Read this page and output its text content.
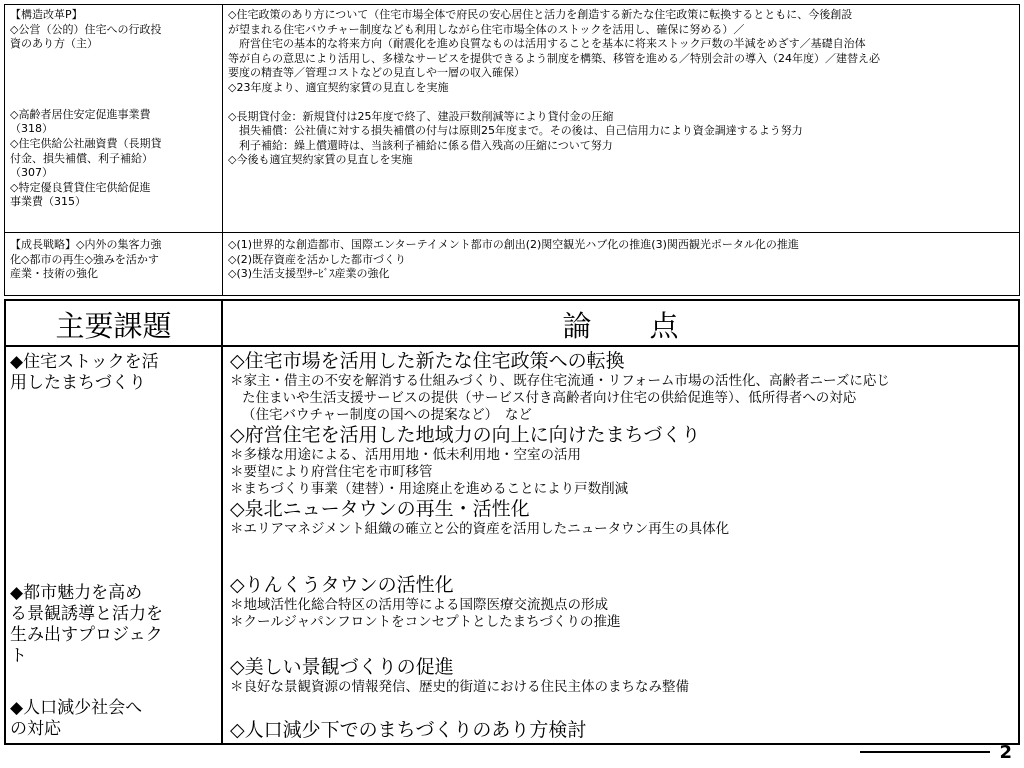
【構造改革P】

◇公営（公的）住宅への行政投

資のあり方（主）

◇高齢者居住安定促進事業費

（318）

◇住宅供給公社融資費（長期貸

付金、損失補償、利子補給）

（307）

◇特定優良賃貸住宅供給促進

事業費（315）

◇住宅政策のあり方について（住宅市場全体で府民の安心居住と活力を創造する新たな住宅政策に転換するとともに、今後創設

が望まれる住宅バウチャー制度なども利用しながら住宅市場全体のストックを活用し、確保に努める）／

　府営住宅の基本的な将来方向（耐震化を進め良質なものは活用することを基本に将来ストック戸数の半減をめざす／基礎自治体

等が自らの意思により活用し、多様なサービスを提供できるよう制度を構築、移管を進める／特別会計の導入（24年度）／建替え必

要度の精査等／管理コストなどの見直しや一層の収入確保）

◇23年度より、適宜契約家賃の見直しを実施

◇長期貸付金：新規貸付は25年度で終了、建設戸数削減等により貸付金の圧縮

　損失補償：公社債に対する損失補償の付与は原則25年度まで。その後は、自己信用力により資金調達するよう努力

　利子補給：繰上償還時は、当該利子補給に係る借入残高の圧縮について努力

◇今後も適宜契約家賃の見直しを実施

【成長戦略】◇内外の集客力強

化◇都市の再生◇強みを活かす

産業・技術の強化

◇(1)世界的な創造都市、国際エンターテイメント都市の創出(2)関空観光ハブ化の推進(3)関西観光ポータル化の推進

◇(2)既存資産を活かした都市づくり

◇(3)生活支援型ｻｰﾋﾞｽ産業の強化

主要課題	論　　点
◆住宅ストックを活
用したまちづくり
◆都市魅力を高め
る景観誘導と活力を
生み出すプロジェク
ト
◆人口減少社会へ
の対応

◇住宅市場を活用した新たな住宅政策への転換

＊家主・借主の不安を解消する仕組みづくり、既存住宅流通・リフォーム市場の活性化、高齢者ニーズに応じ

た住まいや生活支援サービスの提供（サービス付き高齢者向け住宅の供給促進等）、低所得者への対応

（住宅バウチャー制度の国への提案など）　など

◇府営住宅を活用した地域力の向上に向けたまちづくり

＊多様な用途による、活用用地・低未利用地・空室の活用

＊要望により府営住宅を市町移管

＊まちづくり事業（建替）・用途廃止を進めることにより戸数削減

◇泉北ニュータウンの再生・活性化

＊エリアマネジメント組織の確立と公的資産を活用したニュータウン再生の具体化

◇りんくうタウンの活性化

＊地域活性化総合特区の活用等による国際医療交流拠点の形成

＊クールジャパンフロントをコンセプトとしたまちづくりの推進

◇美しい景観づくりの促進

＊良好な景観資源の情報発信、歴史的街道における住民主体のまちなみ整備

◇人口減少下でのまちづくりのあり方検討

2
